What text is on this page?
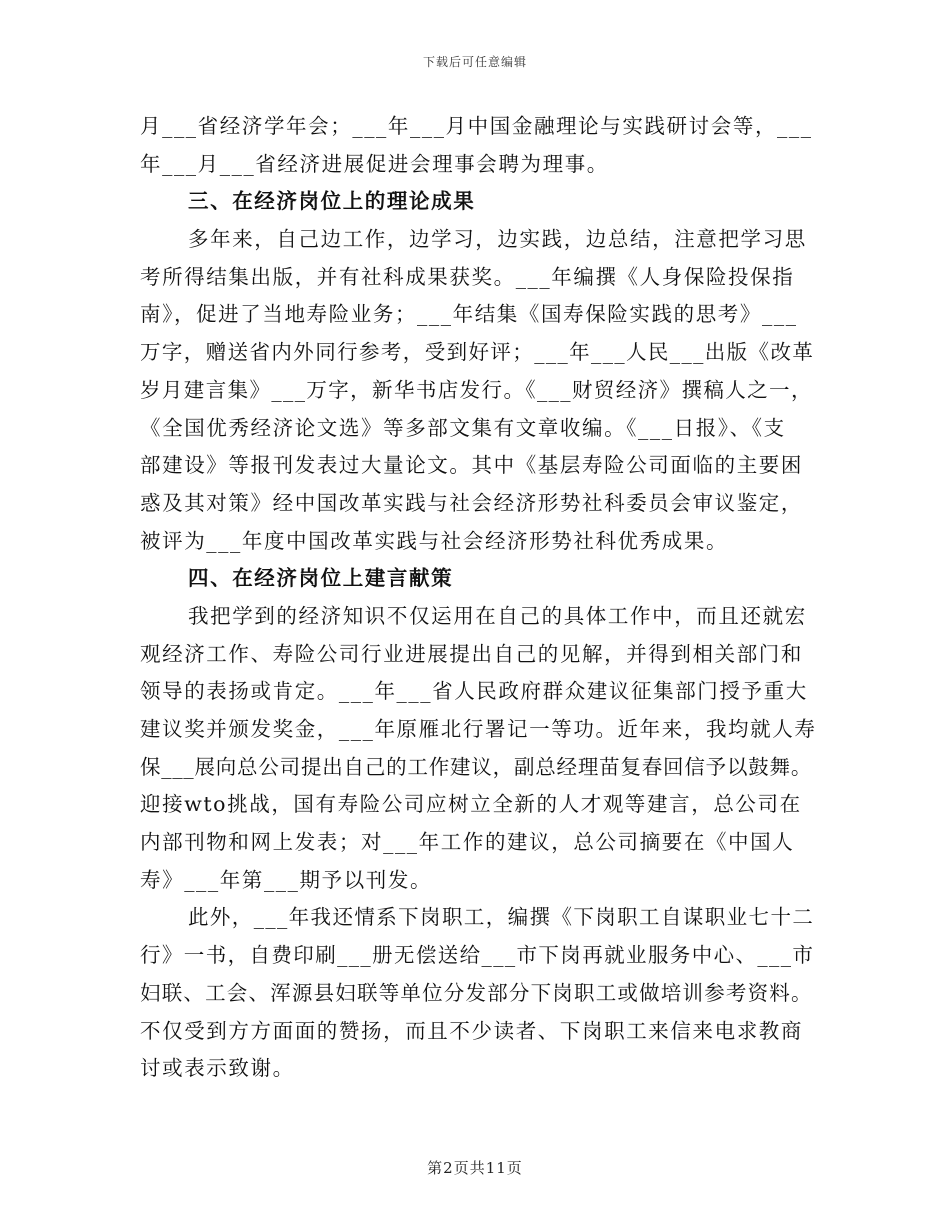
下载后可任意编辑
月___省经济学年会；___年___月中国金融理论与实践研讨会等，___
年___月___省经济进展促进会理事会聘为理事。
三、在经济岗位上的理论成果
多年来，自己边工作，边学习，边实践，边总结，注意把学习思
考所得结集出版，并有社科成果获奖。___年编撰《人身保险投保指
南》，促进了当地寿险业务；___年结集《国寿保险实践的思考》___
万字，赠送省内外同行参考，受到好评；___年___人民___出版《改革
岁月建言集》___万字，新华书店发行。《___财贸经济》撰稿人之一，
《全国优秀经济论文选》等多部文集有文章收编。《___日报》、《支
部建设》等报刊发表过大量论文。其中《基层寿险公司面临的主要困
惑及其对策》经中国改革实践与社会经济形势社科委员会审议鉴定，
被评为___年度中国改革实践与社会经济形势社科优秀成果。
四、在经济岗位上建言献策
我把学到的经济知识不仅运用在自己的具体工作中，而且还就宏
观经济工作、寿险公司行业进展提出自己的见解，并得到相关部门和
领导的表扬或肯定。___年___省人民政府群众建议征集部门授予重大
建议奖并颁发奖金，___年原雁北行署记一等功。近年来，我均就人寿
保___展向总公司提出自己的工作建议，副总经理苗复春回信予以鼓舞。
迎接wto挑战，国有寿险公司应树立全新的人才观等建言，总公司在
内部刊物和网上发表；对___年工作的建议，总公司摘要在《中国人
寿》___年第___期予以刊发。
此外，___年我还情系下岗职工，编撰《下岗职工自谋职业七十二
行》一书，自费印刷___册无偿送给___市下岗再就业服务中心、___市
妇联、工会、浑源县妇联等单位分发部分下岗职工或做培训参考资料。
不仅受到方方面面的赞扬，而且不少读者、下岗职工来信来电求教商
讨或表示致谢。
第2页共11页
